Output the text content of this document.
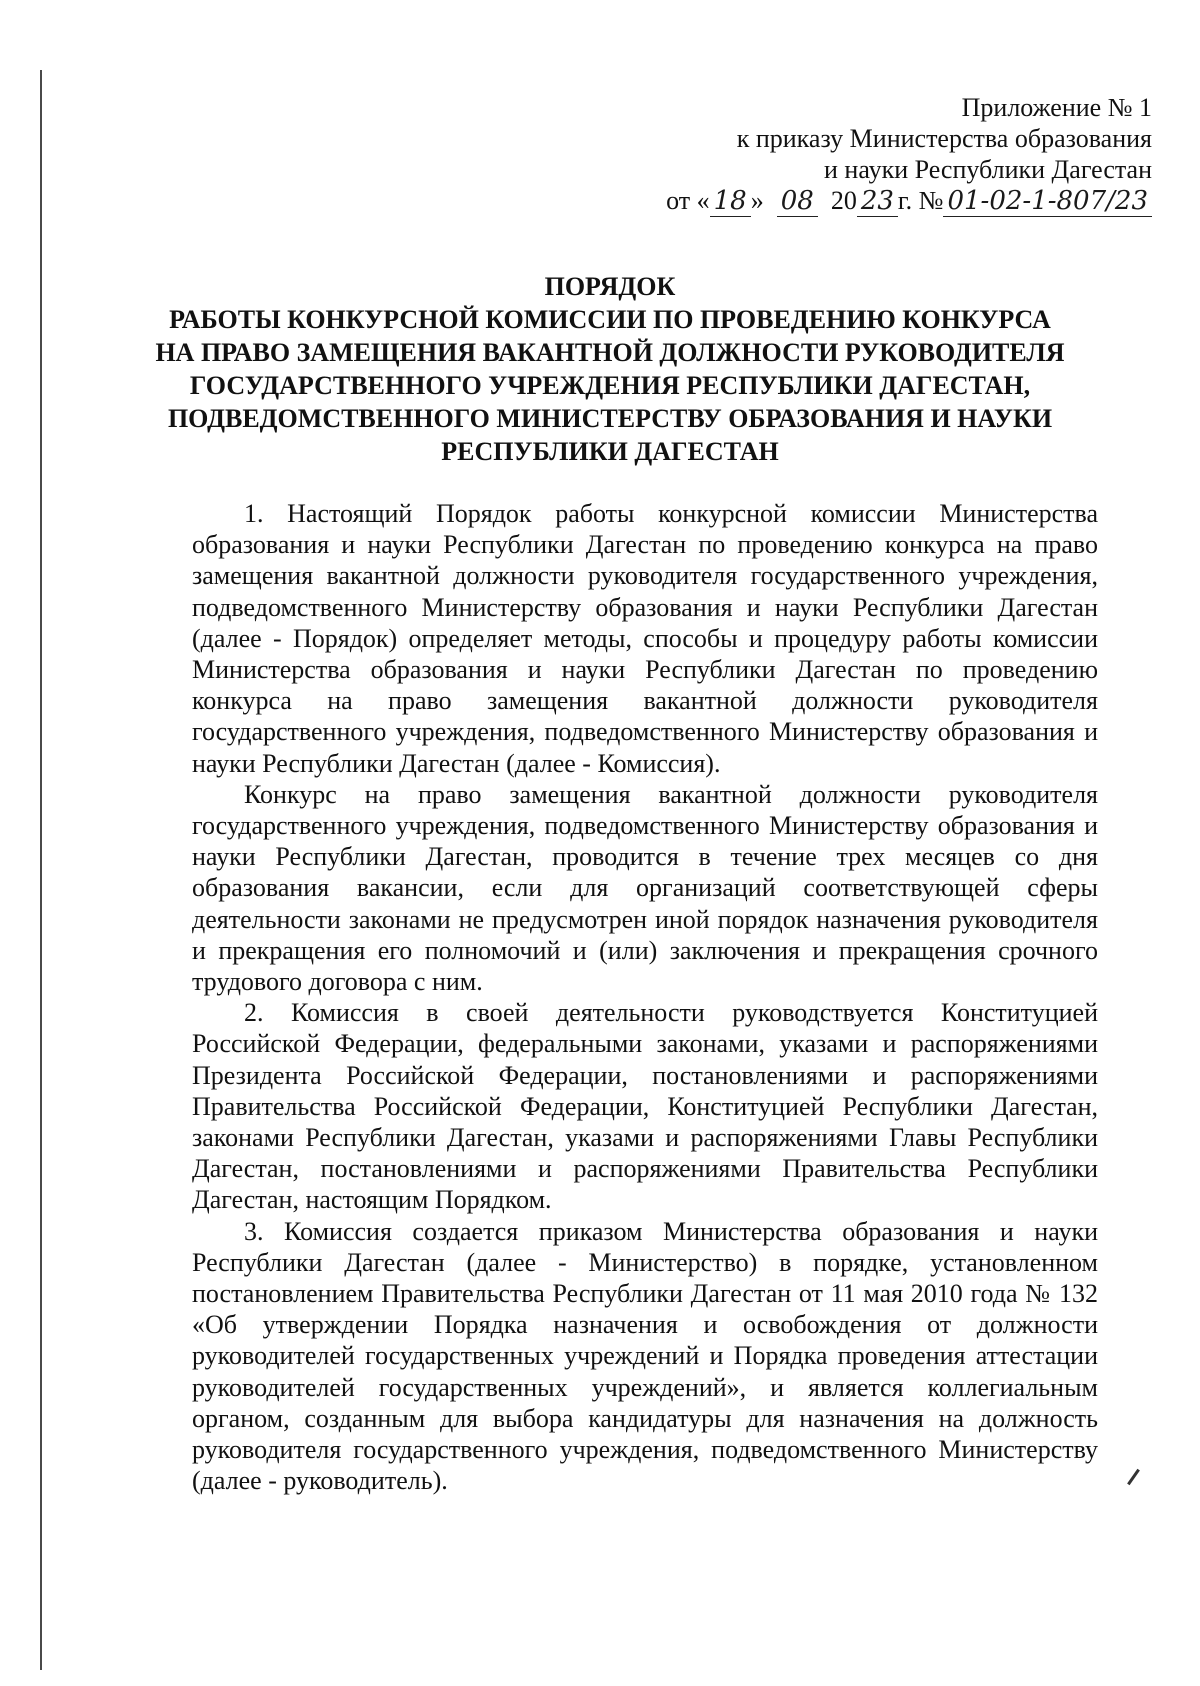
Приложение № 1
к приказу Министерства образования
и науки Республики Дагестан
от « 18 » 08 20 23 г. № 01-02-1-807/23
ПОРЯДОК
РАБОТЫ КОНКУРСНОЙ КОМИССИИ ПО ПРОВЕДЕНИЮ КОНКУРСА
НА ПРАВО ЗАМЕЩЕНИЯ ВАКАНТНОЙ ДОЛЖНОСТИ РУКОВОДИТЕЛЯ
ГОСУДАРСТВЕННОГО УЧРЕЖДЕНИЯ РЕСПУБЛИКИ ДАГЕСТАН,
ПОДВЕДОМСТВЕННОГО МИНИСТЕРСТВУ ОБРАЗОВАНИЯ И НАУКИ
РЕСПУБЛИКИ ДАГЕСТАН

1. Настоящий Порядок работы конкурсной комиссии Министерства образования и науки Республики Дагестан по проведению конкурса на право замещения вакантной должности руководителя государственного учреждения, подведомственного Министерству образования и науки Республики Дагестан (далее - Порядок) определяет методы, способы и процедуру работы комиссии Министерства образования и науки Республики Дагестан по проведению конкурса на право замещения вакантной должности руководителя государственного учреждения, подведомственного Министерству образования и науки Республики Дагестан (далее - Комиссия).

Конкурс на право замещения вакантной должности руководителя государственного учреждения, подведомственного Министерству образования и науки Республики Дагестан, проводится в течение трех месяцев со дня образования вакансии, если для организаций соответствующей сферы деятельности законами не предусмотрен иной порядок назначения руководителя и прекращения его полномочий и (или) заключения и прекращения срочного трудового договора с ним.

2. Комиссия в своей деятельности руководствуется Конституцией Российской Федерации, федеральными законами, указами и распоряжениями Президента Российской Федерации, постановлениями и распоряжениями Правительства Российской Федерации, Конституцией Республики Дагестан, законами Республики Дагестан, указами и распоряжениями Главы Республики Дагестан, постановлениями и распоряжениями Правительства Республики Дагестан, настоящим Порядком.

3. Комиссия создается приказом Министерства образования и науки Республики Дагестан (далее - Министерство) в порядке, установленном постановлением Правительства Республики Дагестан от 11 мая 2010 года № 132 «Об утверждении Порядка назначения и освобождения от должности руководителей государственных учреждений и Порядка проведения аттестации руководителей государственных учреждений», и является коллегиальным органом, созданным для выбора кандидатуры для назначения на должность руководителя государственного учреждения, подведомственного Министерству (далее - руководитель).
